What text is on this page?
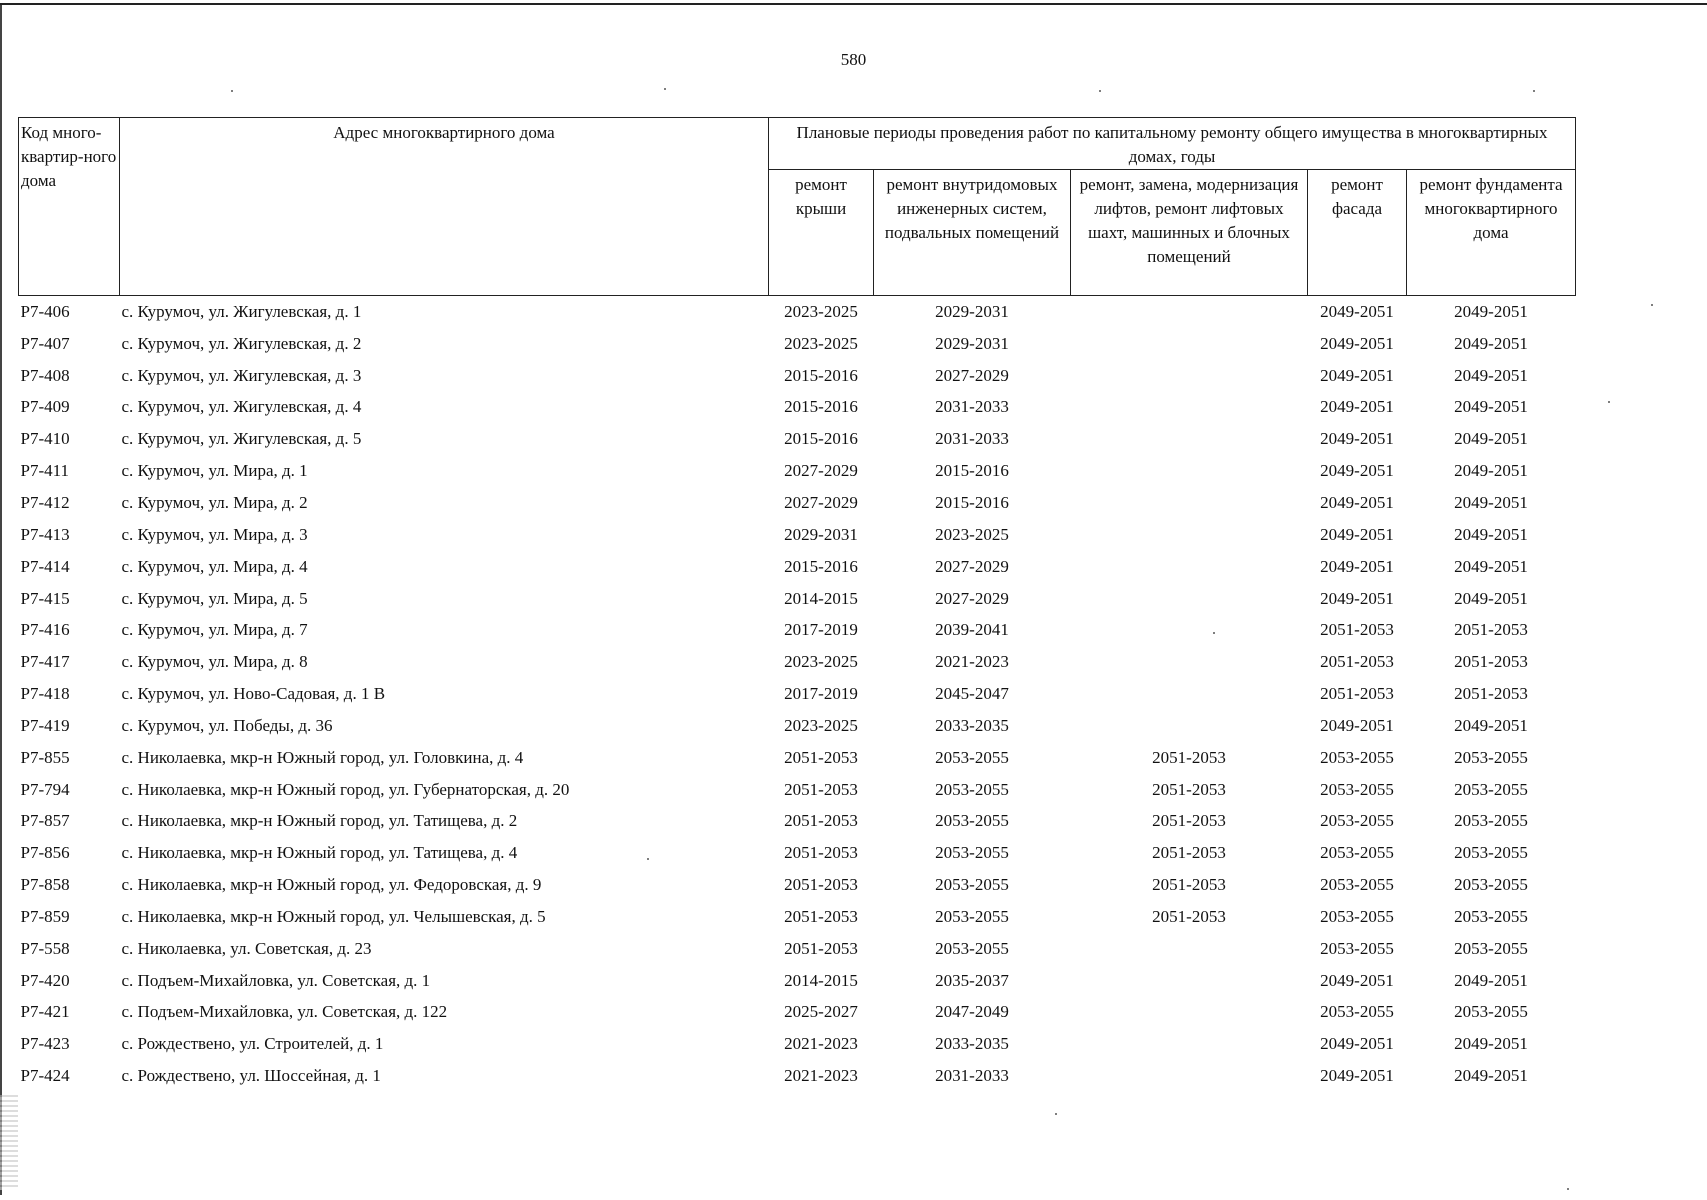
580
Код много-квартир-ного дома	Адрес многоквартирного дома	Плановые периоды проведения работ по капитальному ремонту общего имущества в многоквартирных домах, годы				
		ремонт крыши	ремонт внутридомовых инженерных систем, подвальных помещений	ремонт, замена, модернизация лифтов, ремонт лифтовых шахт, машинных и блочных помещений	ремонт фасада	ремонт фундамента многоквартирного дома
Р7-406	с. Курумоч, ул. Жигулевская, д. 1	2023-2025	2029-2031		2049-2051	2049-2051
Р7-407	с. Курумоч, ул. Жигулевская, д. 2	2023-2025	2029-2031		2049-2051	2049-2051
Р7-408	с. Курумоч, ул. Жигулевская, д. 3	2015-2016	2027-2029		2049-2051	2049-2051
Р7-409	с. Курумоч, ул. Жигулевская, д. 4	2015-2016	2031-2033		2049-2051	2049-2051
Р7-410	с. Курумоч, ул. Жигулевская, д. 5	2015-2016	2031-2033		2049-2051	2049-2051
Р7-411	с. Курумоч, ул. Мира, д. 1	2027-2029	2015-2016		2049-2051	2049-2051
Р7-412	с. Курумоч, ул. Мира, д. 2	2027-2029	2015-2016		2049-2051	2049-2051
Р7-413	с. Курумоч, ул. Мира, д. 3	2029-2031	2023-2025		2049-2051	2049-2051
Р7-414	с. Курумоч, ул. Мира, д. 4	2015-2016	2027-2029		2049-2051	2049-2051
Р7-415	с. Курумоч, ул. Мира, д. 5	2014-2015	2027-2029		2049-2051	2049-2051
Р7-416	с. Курумоч, ул. Мира, д. 7	2017-2019	2039-2041		2051-2053	2051-2053
Р7-417	с. Курумоч, ул. Мира, д. 8	2023-2025	2021-2023		2051-2053	2051-2053
Р7-418	с. Курумоч, ул. Ново-Садовая, д. 1 В	2017-2019	2045-2047		2051-2053	2051-2053
Р7-419	с. Курумоч, ул. Победы, д. 36	2023-2025	2033-2035		2049-2051	2049-2051
Р7-855	с. Николаевка, мкр-н Южный город, ул. Головкина, д. 4	2051-2053	2053-2055	2051-2053	2053-2055	2053-2055
Р7-794	с. Николаевка, мкр-н Южный город, ул. Губернаторская, д. 20	2051-2053	2053-2055	2051-2053	2053-2055	2053-2055
Р7-857	с. Николаевка, мкр-н Южный город, ул. Татищева, д. 2	2051-2053	2053-2055	2051-2053	2053-2055	2053-2055
Р7-856	с. Николаевка, мкр-н Южный город, ул. Татищева, д. 4	2051-2053	2053-2055	2051-2053	2053-2055	2053-2055
Р7-858	с. Николаевка, мкр-н Южный город, ул. Федоровская, д. 9	2051-2053	2053-2055	2051-2053	2053-2055	2053-2055
Р7-859	с. Николаевка, мкр-н Южный город, ул. Челышевская, д. 5	2051-2053	2053-2055	2051-2053	2053-2055	2053-2055
Р7-558	с. Николаевка, ул. Советская, д. 23	2051-2053	2053-2055		2053-2055	2053-2055
Р7-420	с. Подъем-Михайловка, ул. Советская, д. 1	2014-2015	2035-2037		2049-2051	2049-2051
Р7-421	с. Подъем-Михайловка, ул. Советская, д. 122	2025-2027	2047-2049		2053-2055	2053-2055
Р7-423	с. Рождествено, ул. Строителей, д. 1	2021-2023	2033-2035		2049-2051	2049-2051
Р7-424	с. Рождествено, ул. Шоссейная, д. 1	2021-2023	2031-2033		2049-2051	2049-2051
